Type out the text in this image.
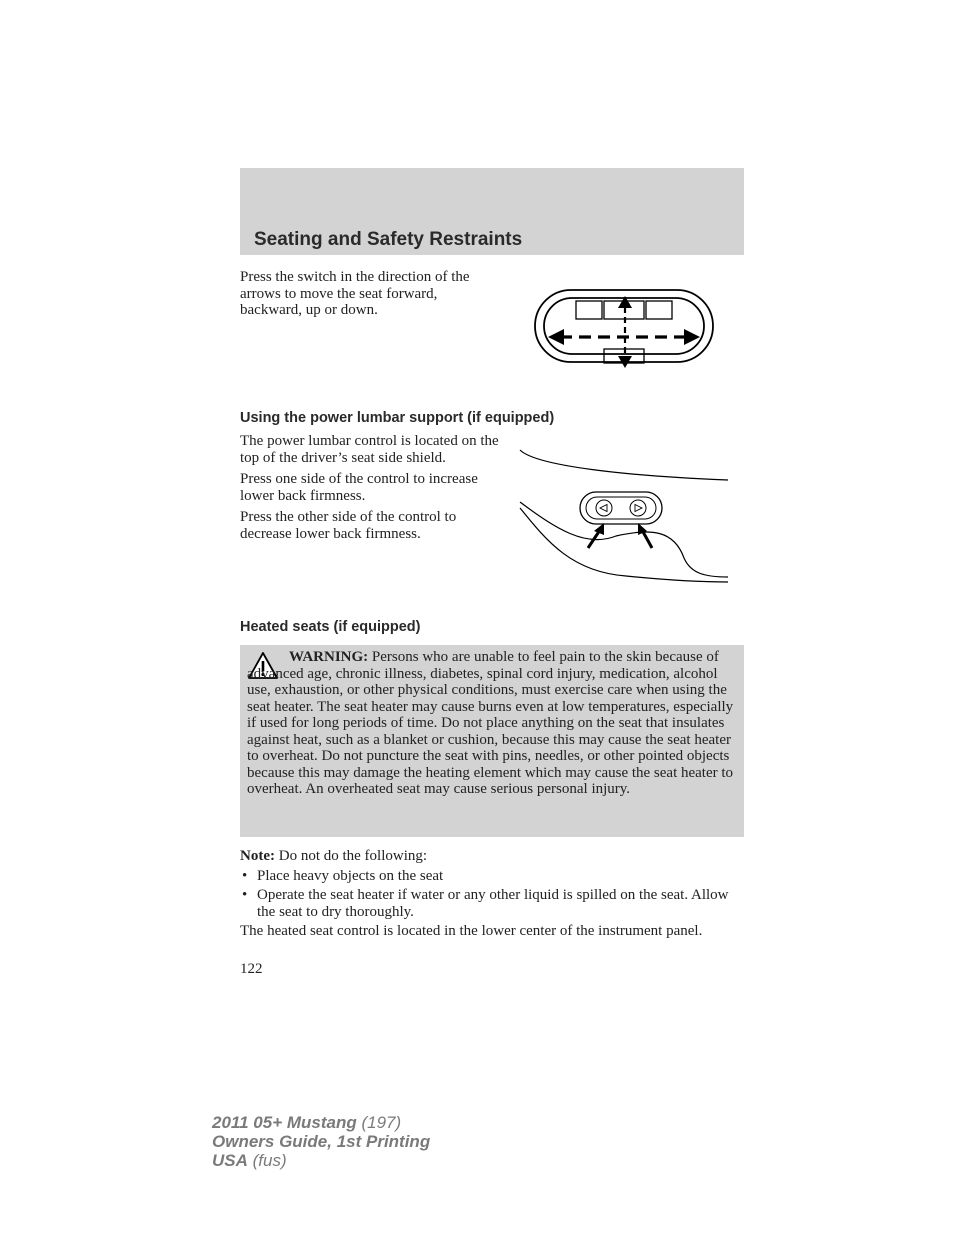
Seating and Safety Restraints

Press the switch in the direction of the arrows to move the seat forward, backward, up or down.

Using the power lumbar support (if equipped)

The power lumbar control is located on the top of the driver’s seat side shield.

Press one side of the control to increase lower back firmness.

Press the other side of the control to decrease lower back firmness.

Heated seats (if equipped)

WARNING: Persons who are unable to feel pain to the skin because of advanced age, chronic illness, diabetes, spinal cord injury, medication, alcohol use, exhaustion, or other physical conditions, must exercise care when using the seat heater. The seat heater may cause burns even at low temperatures, especially if used for long periods of time. Do not place anything on the seat that insulates against heat, such as a blanket or cushion, because this may cause the seat heater to overheat. Do not puncture the seat with pins, needles, or other pointed objects because this may damage the heating element which may cause the seat heater to overheat. An overheated seat may cause serious personal injury.

Note: Do not do the following:

• Place heavy objects on the seat
• Operate the seat heater if water or any other liquid is spilled on the seat. Allow the seat to dry thoroughly.

The heated seat control is located in the lower center of the instrument panel.

122

2011 05+ Mustang (197)
Owners Guide, 1st Printing
USA (fus)
